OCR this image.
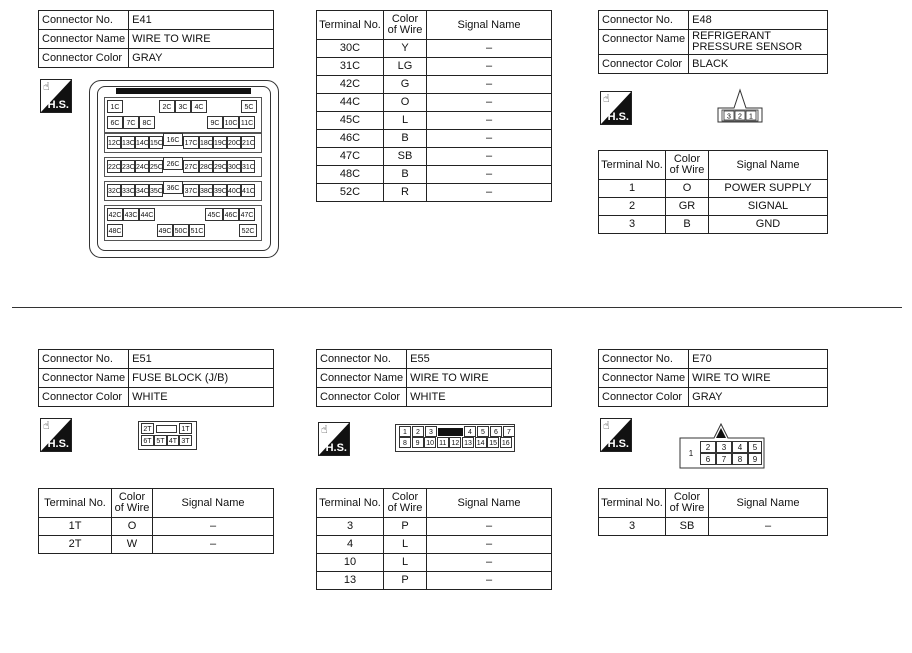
Connector No.	E41
Connector Name	WIRE TO WIRE
Connector Color	GRAY
☝
H.S.	1C	2C	3C	4C	5C
6C	7C	8C	9C 10C 11C
12C 13C 14C 15C 16C 17C 18C 19C 20C 21C
22C 23C 24C 25C 26C 27C 28C 29C 30C 31C
32C 33C 34C 35C 36C 37C 38C 39C 40C 41C
42C 43C 44C	45C 46C 47C
48C	49C 50C 51C	52C
Terminal No.	Color of Wire	Signal Name
30C	Y	–
31C	LG	–
42C	G	–
44C	O	–
45C	L	–
46C	B	–
47C	SB	–
48C	B	–
52C	R	–
Connector No.	E48
Connector Name	REFRIGERANT PRESSURE SENSOR
Connector Color	BLACK
☝
H.S.	3 2 1
Terminal No.	Color of Wire	Signal Name
1	O	POWER SUPPLY
2	GR	SIGNAL
3	B	GND
Connector No.	E51
Connector Name	FUSE BLOCK (J/B)
Connector Color	WHITE
☝
H.S.
2T	1T
6T 5T 4T 3T
Terminal No.	Color of Wire	Signal Name
1T	O	–
2T	W	–
Connector No.	E55
Connector Name	WIRE TO WIRE
Connector Color	WHITE
☝
H.S.
1	2	3	4	5	6	7
8	9 10 11 12 13 14 15 16
Terminal No.	Color of Wire	Signal Name
3	P	–
4	L	–
10	L	–
13	P	–
Connector No.	E70
Connector Name	WIRE TO WIRE
Connector Color	GRAY
☝
H.S.
1
2	3	4	5
6	7	8	9
Terminal No.	Color of Wire	Signal Name
3	SB	–
